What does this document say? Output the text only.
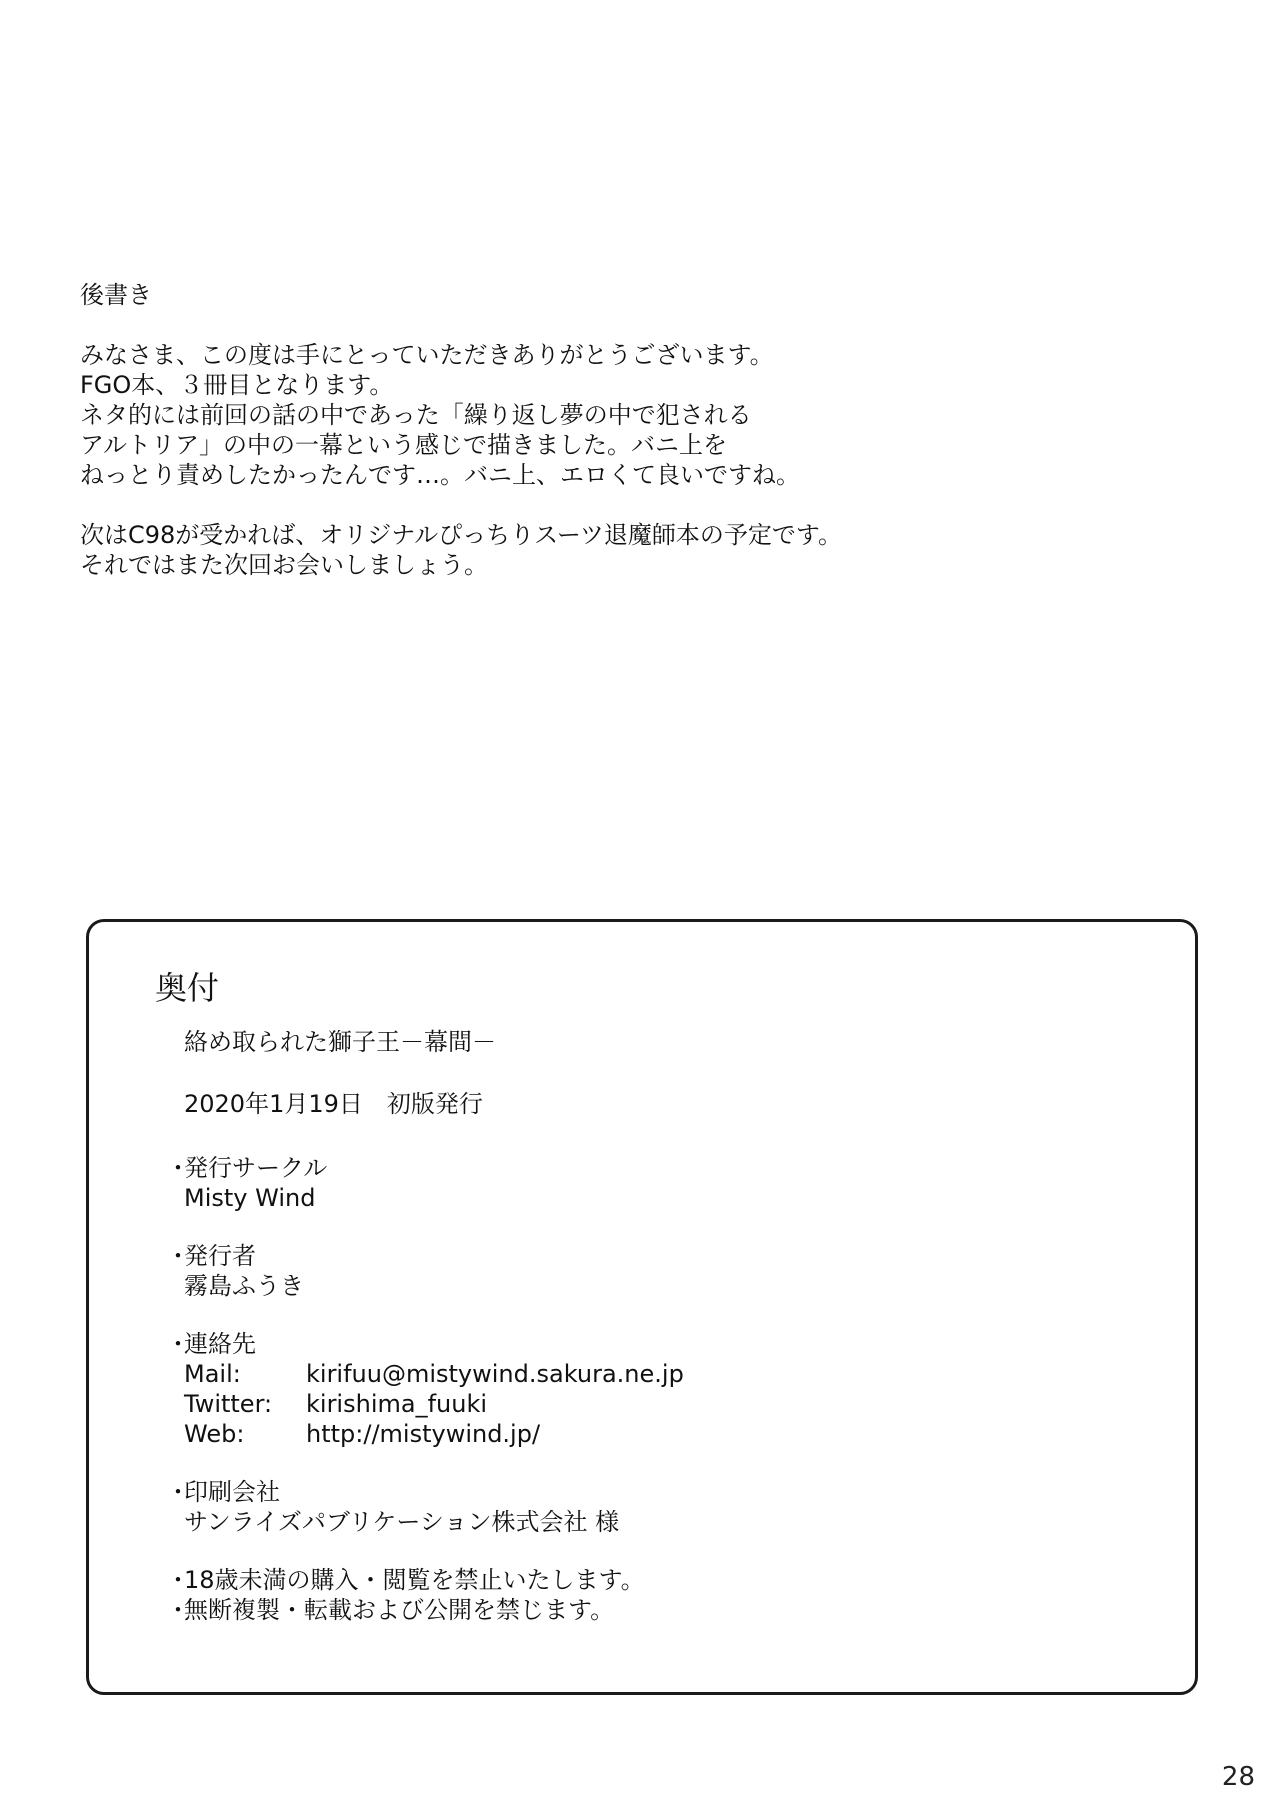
後書き
みなさま、この度は手にとっていただきありがとうございます。
FGO本、３冊目となります。
ネタ的には前回の話の中であった「繰り返し夢の中で犯される
アルトリア」の中の一幕という感じで描きました。バニ上を
ねっとり責めしたかったんです…。バニ上、エロくて良いですね。
次はC98が受かれば、オリジナルぴっちりスーツ退魔師本の予定です。
それではまた次回お会いしましょう。
奥付
絡め取られた獅子王－幕間－
2020年1月19日　初版発行
・ 発行サークル
Misty Wind
・ 発行者
霧島ふうき
・ 連絡先
Mail:	kirifuu@mistywind.sakura.ne.jp
Twitter:	kirishima_fuuki
Web:	http://mistywind.jp/
・ 印刷会社
サンライズパブリケーション株式会社 様
・ 18歳未満の購入・閲覧を禁止いたします。
・ 無断複製・転載および公開を禁じます。
28
